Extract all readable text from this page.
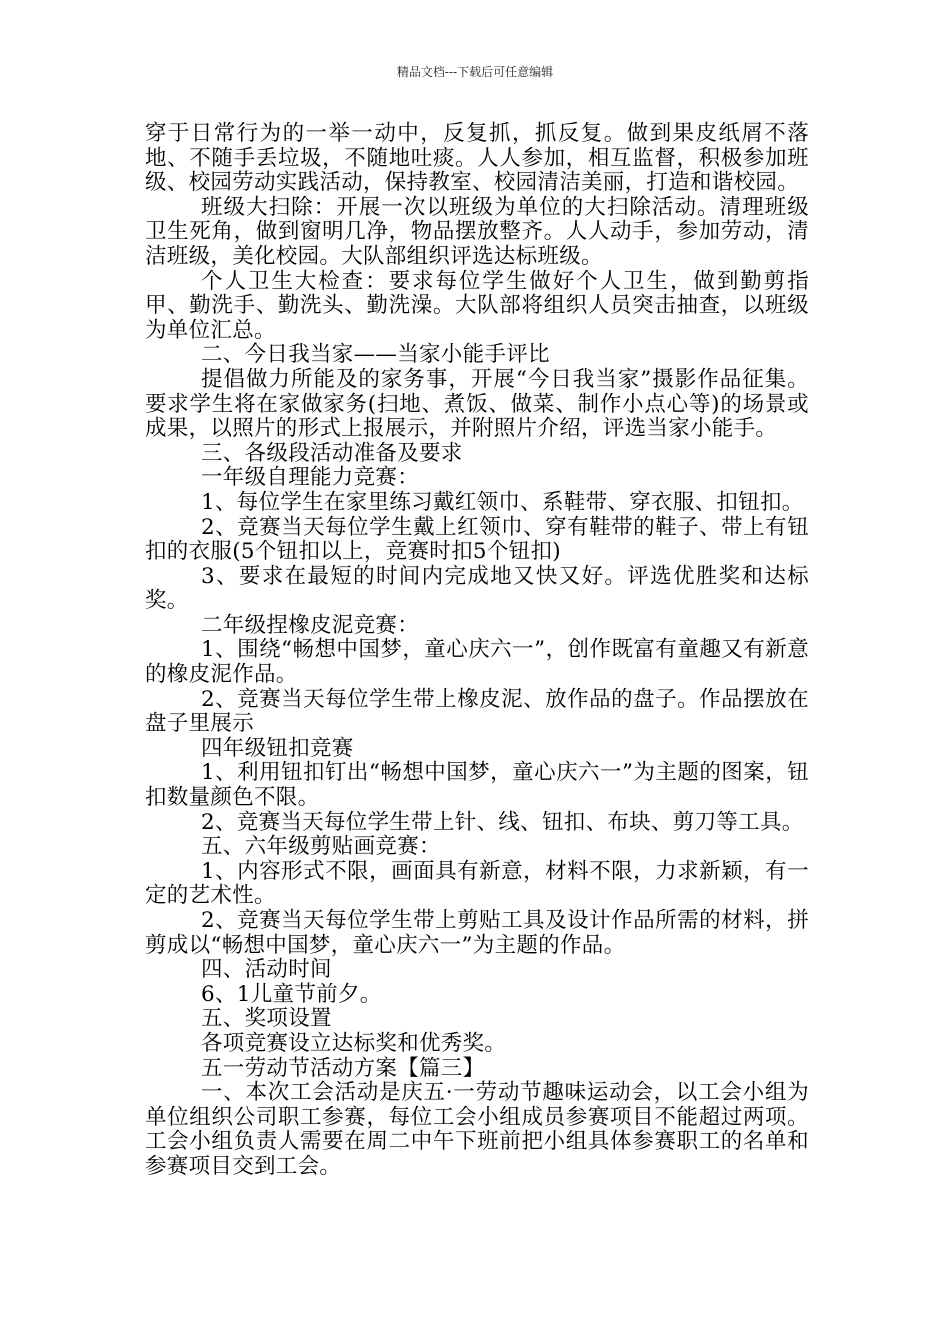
精品文档---下载后可任意编辑

穿于日常行为的一举一动中，反复抓，抓反复。做到果皮纸屑不落地、不随手丢垃圾，不随地吐痰。人人参加，相互监督，积极参加班级、校园劳动实践活动，保持教室、校园清洁美丽，打造和谐校园。

班级大扫除：开展一次以班级为单位的大扫除活动。清理班级卫生死角，做到窗明几净，物品摆放整齐。人人动手，参加劳动，清洁班级，美化校园。大队部组织评选达标班级。

个人卫生大检查：要求每位学生做好个人卫生，做到勤剪指甲、勤洗手、勤洗头、勤洗澡。大队部将组织人员突击抽查，以班级为单位汇总。

二、今日我当家——当家小能手评比

提倡做力所能及的家务事，开展“今日我当家”摄影作品征集。要求学生将在家做家务(扫地、煮饭、做菜、制作小点心等)的场景或成果，以照片的形式上报展示，并附照片介绍，评选当家小能手。

三、各级段活动准备及要求

一年级自理能力竞赛：

1、每位学生在家里练习戴红领巾、系鞋带、穿衣服、扣钮扣。

2、竞赛当天每位学生戴上红领巾、穿有鞋带的鞋子、带上有钮扣的衣服(5个钮扣以上，竞赛时扣5个钮扣)

3、要求在最短的时间内完成地又快又好。评选优胜奖和达标奖。

二年级捏橡皮泥竞赛：

1、围绕“畅想中国梦，童心庆六一”，创作既富有童趣又有新意的橡皮泥作品。

2、竞赛当天每位学生带上橡皮泥、放作品的盘子。作品摆放在盘子里展示

四年级钮扣竞赛

1、利用钮扣钉出“畅想中国梦，童心庆六一”为主题的图案，钮扣数量颜色不限。

2、竞赛当天每位学生带上针、线、钮扣、布块、剪刀等工具。

五、六年级剪贴画竞赛：

1、内容形式不限，画面具有新意，材料不限，力求新颖，有一定的艺术性。

2、竞赛当天每位学生带上剪贴工具及设计作品所需的材料，拼剪成以“畅想中国梦，童心庆六一”为主题的作品。

四、活动时间

6、1儿童节前夕。

五、奖项设置

各项竞赛设立达标奖和优秀奖。

五一劳动节活动方案【篇三】

一、本次工会活动是庆五·一劳动节趣味运动会，以工会小组为单位组织公司职工参赛，每位工会小组成员参赛项目不能超过两项。工会小组负责人需要在周二中午下班前把小组具体参赛职工的名单和参赛项目交到工会。
